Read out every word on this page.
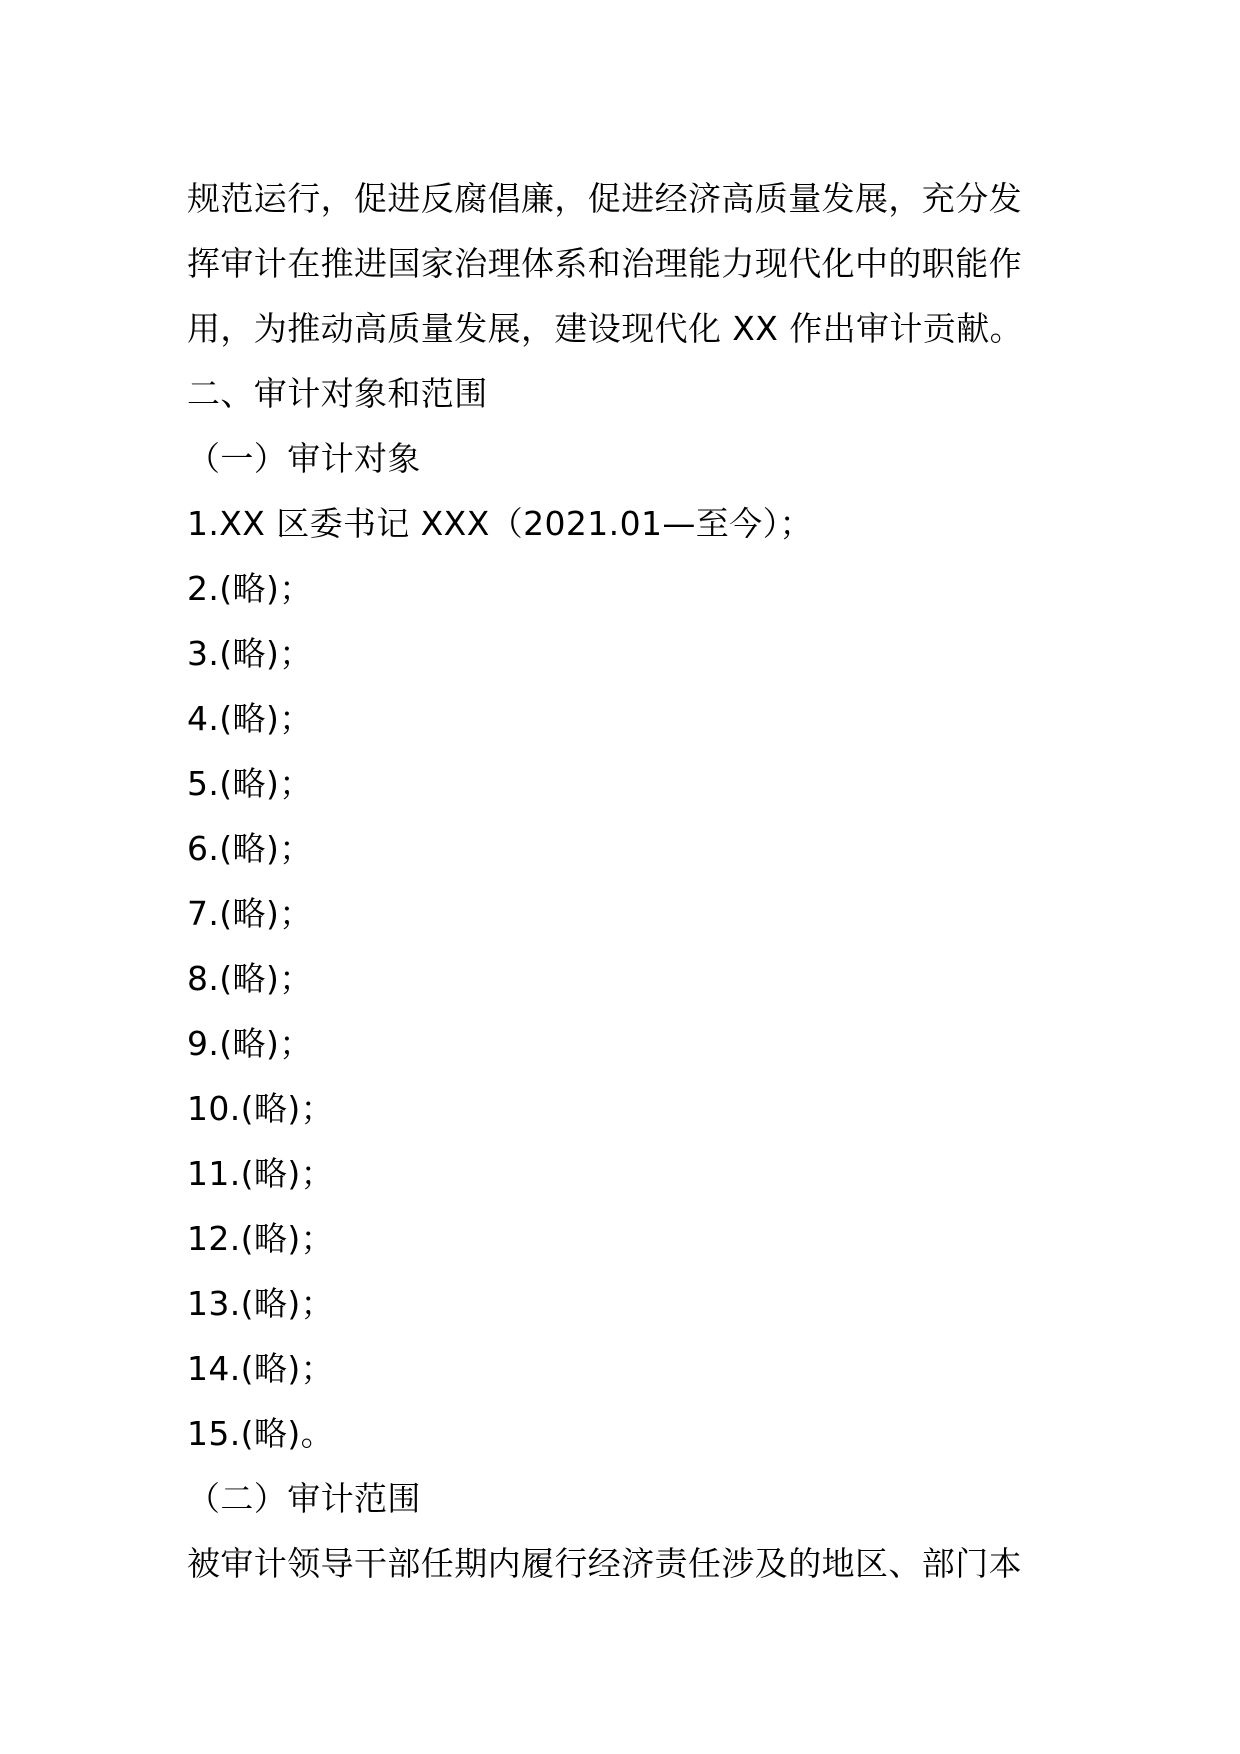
规范运行，促进反腐倡廉，促进经济高质量发展，充分发
挥审计在推进国家治理体系和治理能力现代化中的职能作
用，为推动高质量发展，建设现代化 XX 作出审计贡献。
二、审计对象和范围
（一）审计对象
1.XX 区委书记 XXX（2021.01—至今）；
2.(略)；
3.(略)；
4.(略)；
5.(略)；
6.(略)；
7.(略)；
8.(略)；
9.(略)；
10.(略)；
11.(略)；
12.(略)；
13.(略)；
14.(略)；
15.(略)。
（二）审计范围
被审计领导干部任期内履行经济责任涉及的地区、部门本
